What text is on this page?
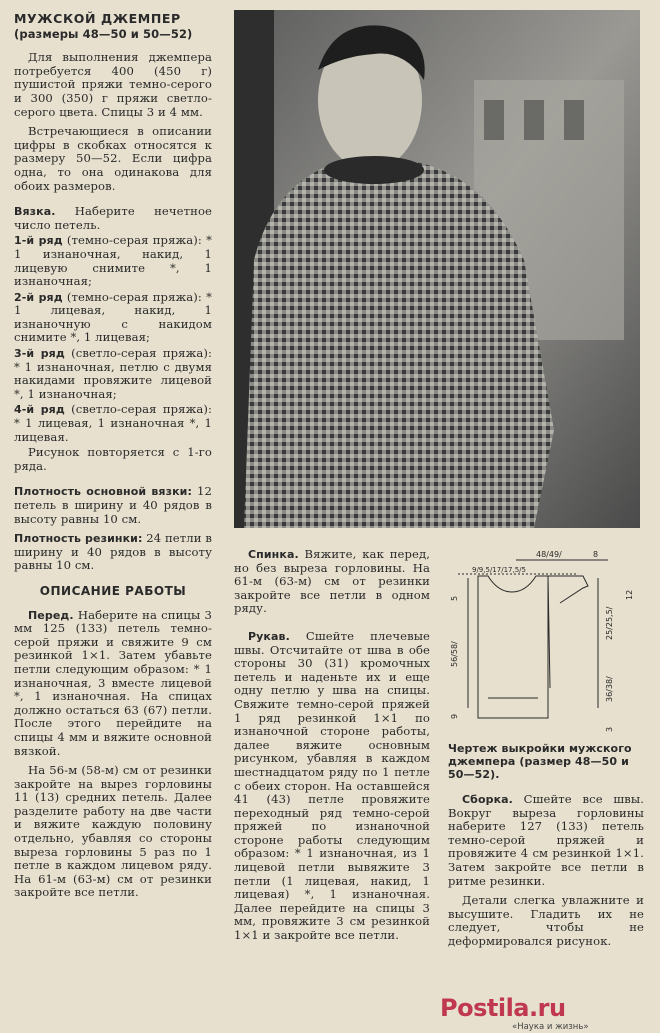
МУЖСКОЙ ДЖЕМПЕР
(размеры 48—50 и 50—52)

Для выполнения джемпера потребуется 400 (450 г) пушистой пряжи темно-серого и 300 (350) г пряжи светло-серого цвета. Спицы 3 и 4 мм.

Встречающиеся в описании цифры в скобках относятся к размеру 50—52. Если цифра одна, то она одинакова для обоих размеров.

Вязка. Наберите нечетное число петель.

1-й ряд (темно-серая пряжа): * 1 изнаночная, накид, 1 лицевую снимите *, 1 изнаночная;

2-й ряд (темно-серая пряжа): * 1 лицевая, накид, 1 изнаночную с накидом снимите *, 1 лицевая;

3-й ряд (светло-серая пряжа): * 1 изнаночная, петлю с двумя накидами провяжите лицевой *, 1 изнаночная;

4-й ряд (светло-серая пряжа): * 1 лицевая, 1 изнаночная *, 1 лицевая.

Рисунок повторяется с 1-го ряда.

Плотность основной вязки: 12 петель в ширину и 40 рядов в высоту равны 10 см.

Плотность резинки: 24 петли в ширину и 40 рядов в высоту равны 10 см.

ОПИСАНИЕ РАБОТЫ

Перед. Наберите на спицы 3 мм 125 (133) петель темно-серой пряжи и свяжите 9 см резинкой 1×1. Затем убавьте петли следующим образом: * 1 изнаночная, 3 вместе лицевой *, 1 изнаночная. На спицах должно остаться 63 (67) петли. После этого перейдите на спицы 4 мм и вяжите основной вязкой.

На 56-м (58-м) см от резинки закройте на вырез горловины 11 (13) средних петель. Далее разделите работу на две части и вяжите каждую половину отдельно, убавляя со стороны выреза горловины 5 раз по 1 петле в каждом лицевом ряду. На 61-м (63-м) см от резинки закройте все петли.

Спинка. Вяжите, как перед, но без выреза горловины. На 61-м (63-м) см от резинки закройте все петли в одном ряду.

Рукав. Сшейте плечевые швы. Отсчитайте от шва в обе стороны 30 (31) кромочных петель и наденьте их и еще одну петлю у шва на спицы. Свяжите темно-серой пряжей 1 ряд резинкой 1×1 по изнаночной стороне работы, далее вяжите основным рисунком, убавляя в каждом шестнадцатом ряду по 1 петле с обеих сторон. На оставшейся 41 (43) петле провяжите переходный ряд темно-серой пряжей по изнаночной стороне работы следующим образом: * 1 изнаночная, из 1 лицевой петли вывяжите 3 петли (1 лицевая, накид, 1 лицевая) *, 1 изнаночная. Далее перейдите на спицы 3 мм, провяжите 3 см резинкой 1×1 и закройте все петли.

48/49/	8
9/9,5/17/17,5/5
5
56/58/
9
12
25/25,5/
36/38/
3
Чертеж выкройки мужского джемпера (размер 48—50 и 50—52).

Сборка. Сшейте все швы. Вокруг выреза горловины наберите 127 (133) петель темно-серой пряжей и провяжите 4 см резинкой 1×1. Затем закройте все петли в ритме резинки.

Детали слегка увлажните и высушите. Гладить их не следует, чтобы не деформировался рисунок.

Postila.ru
«Наука и жизнь»
